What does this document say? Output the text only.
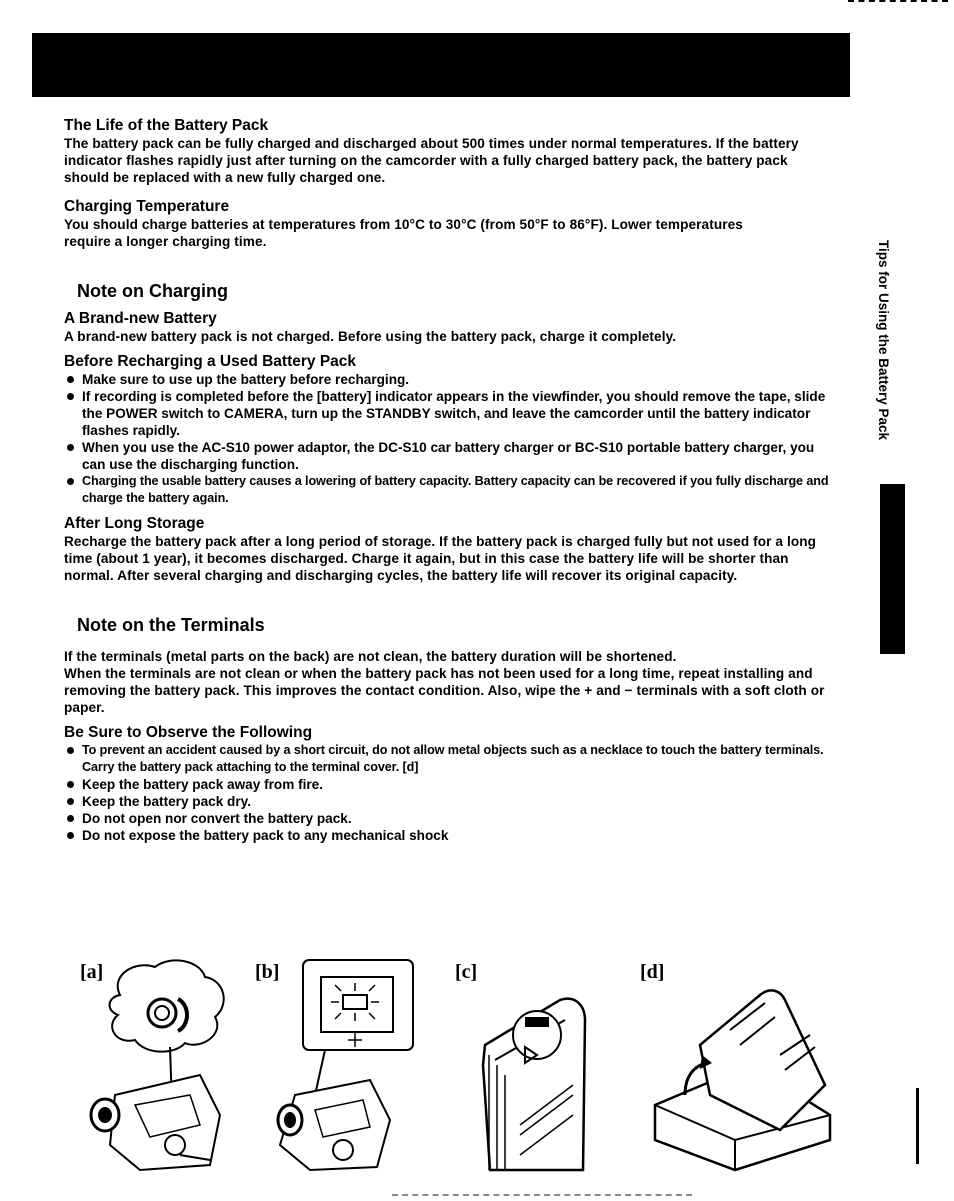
Tips for Using the Battery Pack

The Life of the Battery Pack

The battery pack can be fully charged and discharged about 500 times under normal temperatures. If the battery indicator flashes rapidly just after turning on the camcorder with a fully charged battery pack, the battery pack should be replaced with a new fully charged one.

Charging Temperature

You should charge batteries at temperatures from 10°C to 30°C (from 50°F to 86°F). Lower temperatures require a longer charging time.

Note on Charging

A Brand-new Battery

A brand-new battery pack is not charged. Before using the battery pack, charge it completely.

Before Recharging a Used Battery Pack

Make sure to use up the battery before recharging.
If recording is completed before the [battery] indicator appears in the viewfinder, you should remove the tape, slide the POWER switch to CAMERA, turn up the STANDBY switch, and leave the camcorder until the battery indicator flashes rapidly.
When you use the AC-S10 power adaptor, the DC-S10 car battery charger or BC-S10 portable battery charger, you can use the discharging function.
Charging the usable battery causes a lowering of battery capacity. Battery capacity can be recovered if you fully discharge and charge the battery again.

After Long Storage

Recharge the battery pack after a long period of storage. If the battery pack is charged fully but not used for a long time (about 1 year), it becomes discharged. Charge it again, but in this case the battery life will be shorter than normal. After several charging and discharging cycles, the battery life will recover its original capacity.

Note on the Terminals

If the terminals (metal parts on the back) are not clean, the battery duration will be shortened.

When the terminals are not clean or when the battery pack has not been used for a long time, repeat installing and removing the battery pack. This improves the contact condition. Also, wipe the + and − terminals with a soft cloth or paper.

Be Sure to Observe the Following

To prevent an accident caused by a short circuit, do not allow metal objects such as a necklace to touch the battery terminals. Carry the battery pack attaching to the terminal cover. [d]
Keep the battery pack away from fire.
Keep the battery pack dry.
Do not open nor convert the battery pack.
Do not expose the battery pack to any mechanical shock
[a]	[b]	[c]	[d]
